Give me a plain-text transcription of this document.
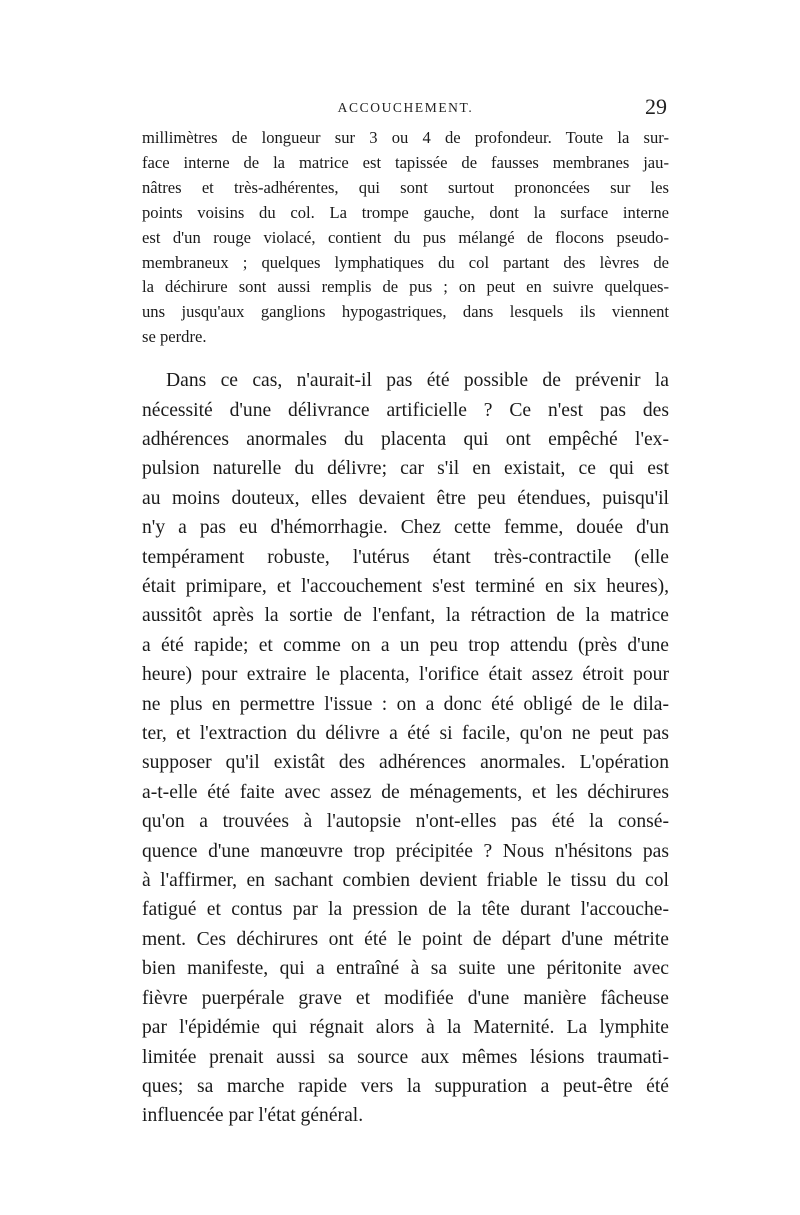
ACCOUCHEMENT.	29
millimètres de longueur sur 3 ou 4 de profondeur. Toute la sur-
face interne de la matrice est tapissée de fausses membranes jau-
nâtres et très-adhérentes, qui sont surtout prononcées sur les
points voisins du col. La trompe gauche, dont la surface interne
est d'un rouge violacé, contient du pus mélangé de flocons pseudo-
membraneux ; quelques lymphatiques du col partant des lèvres de
la déchirure sont aussi remplis de pus ; on peut en suivre quelques-
uns jusqu'aux ganglions hypogastriques, dans lesquels ils viennent
se perdre.
Dans ce cas, n'aurait-il pas été possible de prévenir la
nécessité d'une délivrance artificielle ? Ce n'est pas des
adhérences anormales du placenta qui ont empêché l'ex-
pulsion naturelle du délivre; car s'il en existait, ce qui est
au moins douteux, elles devaient être peu étendues, puisqu'il
n'y a pas eu d'hémorrhagie. Chez cette femme, douée d'un
tempérament robuste, l'utérus étant très-contractile (elle
était primipare, et l'accouchement s'est terminé en six heures),
aussitôt après la sortie de l'enfant, la rétraction de la matrice
a été rapide; et comme on a un peu trop attendu (près d'une
heure) pour extraire le placenta, l'orifice était assez étroit pour
ne plus en permettre l'issue : on a donc été obligé de le dila-
ter, et l'extraction du délivre a été si facile, qu'on ne peut pas
supposer qu'il existât des adhérences anormales. L'opération
a-t-elle été faite avec assez de ménagements, et les déchirures
qu'on a trouvées à l'autopsie n'ont-elles pas été la consé-
quence d'une manœuvre trop précipitée ? Nous n'hésitons pas
à l'affirmer, en sachant combien devient friable le tissu du col
fatigué et contus par la pression de la tête durant l'accouche-
ment. Ces déchirures ont été le point de départ d'une métrite
bien manifeste, qui a entraîné à sa suite une péritonite avec
fièvre puerpérale grave et modifiée d'une manière fâcheuse
par l'épidémie qui régnait alors à la Maternité. La lymphite
limitée prenait aussi sa source aux mêmes lésions traumati-
ques; sa marche rapide vers la suppuration a peut-être été
influencée par l'état général.
